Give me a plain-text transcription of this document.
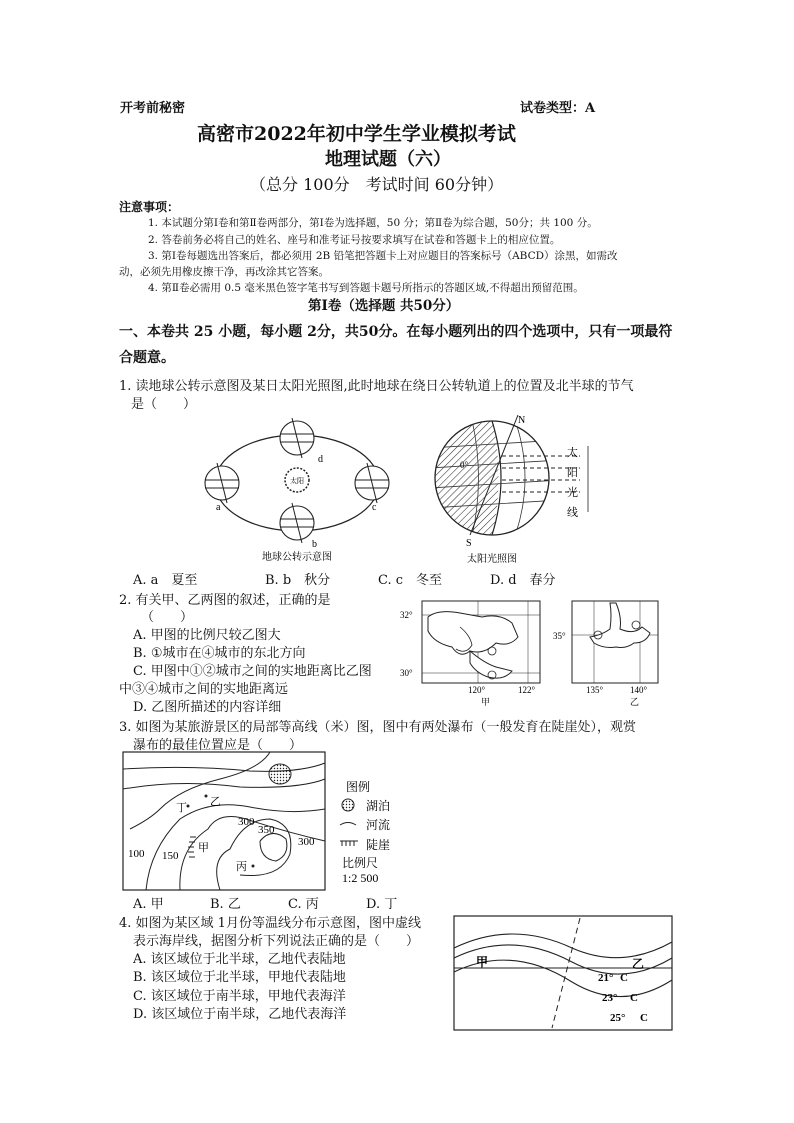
开考前秘密	试卷类型：A
高密市2022年初中学生学业模拟考试
地理试题（六）
（总分 100分　考试时间 60分钟）
注意事项：
1. 本试题分第Ⅰ卷和第Ⅱ卷两部分，第Ⅰ卷为选择题，50 分；第Ⅱ卷为综合题，50分；共 100 分。
2. 答卷前务必将自己的姓名、座号和准考证号按要求填写在试卷和答题卡上的相应位置。
3. 第Ⅰ卷每题选出答案后，都必须用 2B 铅笔把答题卡上对应题目的答案标号（ABCD）涂黑，如需改
动，必须先用橡皮擦干净，再改涂其它答案。
4. 第Ⅱ卷必需用 0.5 毫米黑色签字笔书写到答题卡题号所指示的答题区域,不得超出预留范围。
第Ⅰ卷（选择题 共50分）
一、本卷共 25 小题，每小题 2分，共50分。在每小题列出的四个选项中，只有一项最符
合题意。
1. 读地球公转示意图及某日太阳光照图,此时地球在绕日公转轨道上的位置及北半球的节气
是（　　）
太阳
d
a	c
b
地球公转示意图
N
S
0°
太
阳
光
线
太阳光照图
A. a　夏至	B. b　秋分	C. c　冬至	D. d　春分
2. 有关甲、乙两图的叙述，正确的是
（　　）
A. 甲图的比例尺较乙图大
B. ①城市在④城市的东北方向
C. 甲图中①②城市之间的实地距离比乙图
中③④城市之间的实地距离远
D. 乙图所描述的内容详细
32°
30°
120°	122°
甲
35°
135°	140°
乙
3. 如图为某旅游景区的局部等高线（米）图，图中有两处瀑布（一般发育在陡崖处），观赏
瀑布的最佳位置应是（　　）
100 150
300
350
300
丁 乙
甲
丙
图例
湖泊
河流
陡崖
比例尺
1:2 500
A. 甲	B. 乙	C. 丙	D. 丁
4. 如图为某区域 1月份等温线分布示意图，图中虚线
表示海岸线，据图分析下列说法正确的是（　　）
A. 该区域位于北半球，乙地代表陆地
B. 该区域位于北半球，甲地代表陆地
C. 该区域位于南半球，甲地代表海洋
D. 该区域位于南半球，乙地代表海洋
甲	乙
21° C
23° C
25° C
